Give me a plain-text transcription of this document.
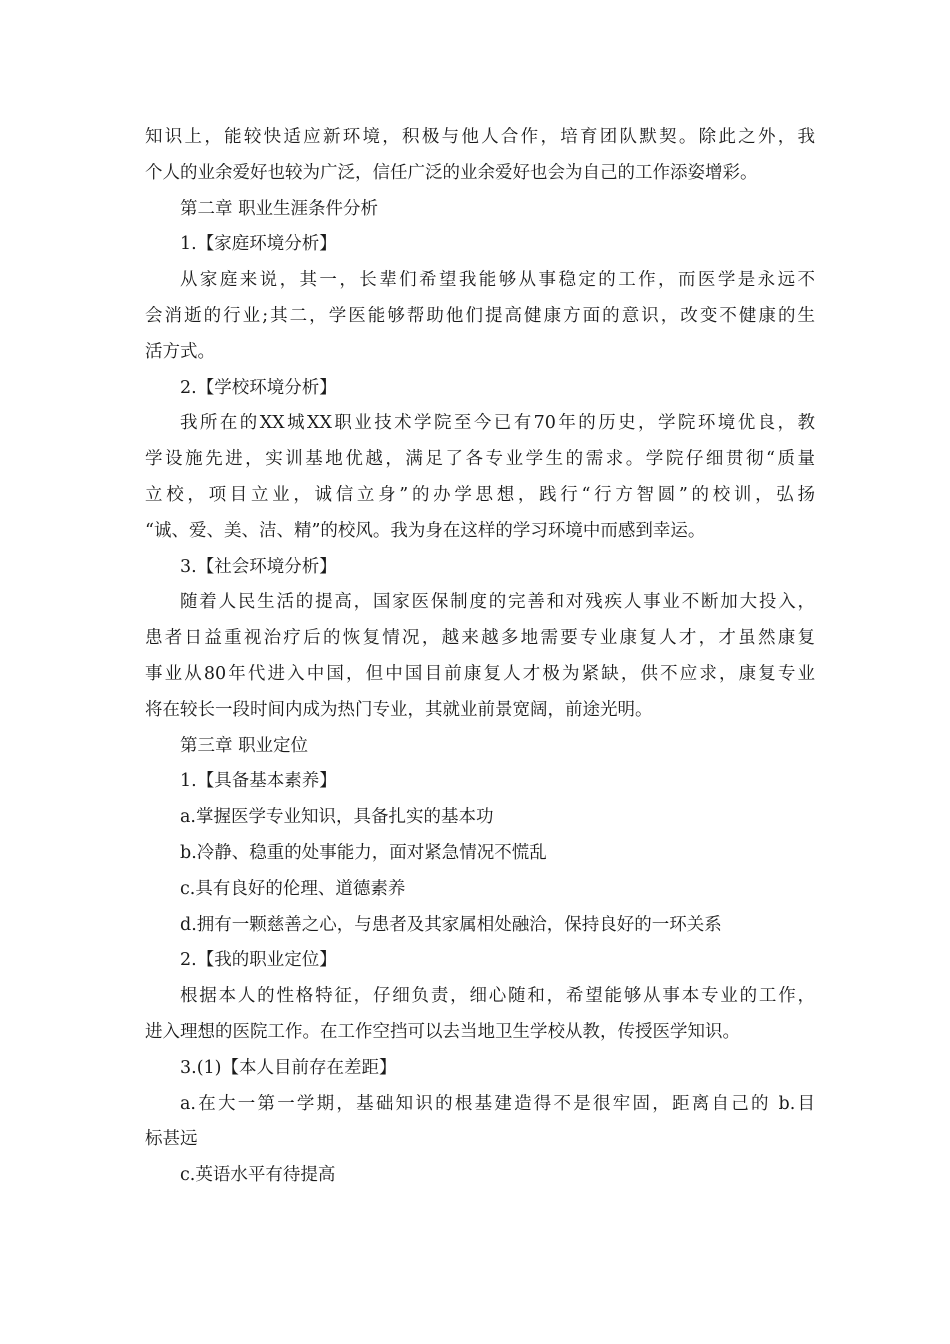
知识上，能较快适应新环境，积极与他人合作，培育团队默契。除此之外，我
个人的业余爱好也较为广泛，信任广泛的业余爱好也会为自己的工作添姿增彩。
第二章 职业生涯条件分析
1.【家庭环境分析】
从家庭来说，其一，长辈们希望我能够从事稳定的工作，而医学是永远不
会消逝的行业;其二，学医能够帮助他们提高健康方面的意识，改变不健康的生
活方式。
2.【学校环境分析】
我所在的XX城XX职业技术学院至今已有70年的历史，学院环境优良，教
学设施先进，实训基地优越，满足了各专业学生的需求。学院仔细贯彻“质量
立校，项目立业，诚信立身”的办学思想，践行“行方智圆”的校训，弘扬
“诚、爱、美、洁、精”的校风。我为身在这样的学习环境中而感到幸运。
3.【社会环境分析】
随着人民生活的提高，国家医保制度的完善和对残疾人事业不断加大投入，
患者日益重视治疗后的恢复情况，越来越多地需要专业康复人才，才虽然康复
事业从80年代进入中国，但中国目前康复人才极为紧缺，供不应求，康复专业
将在较长一段时间内成为热门专业，其就业前景宽阔，前途光明。
第三章 职业定位
1.【具备基本素养】
a.掌握医学专业知识，具备扎实的基本功
b.冷静、稳重的处事能力，面对紧急情况不慌乱
c.具有良好的伦理、道德素养
d.拥有一颗慈善之心，与患者及其家属相处融洽，保持良好的一环关系
2.【我的职业定位】
根据本人的性格特征，仔细负责，细心随和，希望能够从事本专业的工作，
进入理想的医院工作。在工作空挡可以去当地卫生学校从教，传授医学知识。
3.(1)【本人目前存在差距】
a.在大一第一学期，基础知识的根基建造得不是很牢固，距离自己的 b.目
标甚远
c.英语水平有待提高
